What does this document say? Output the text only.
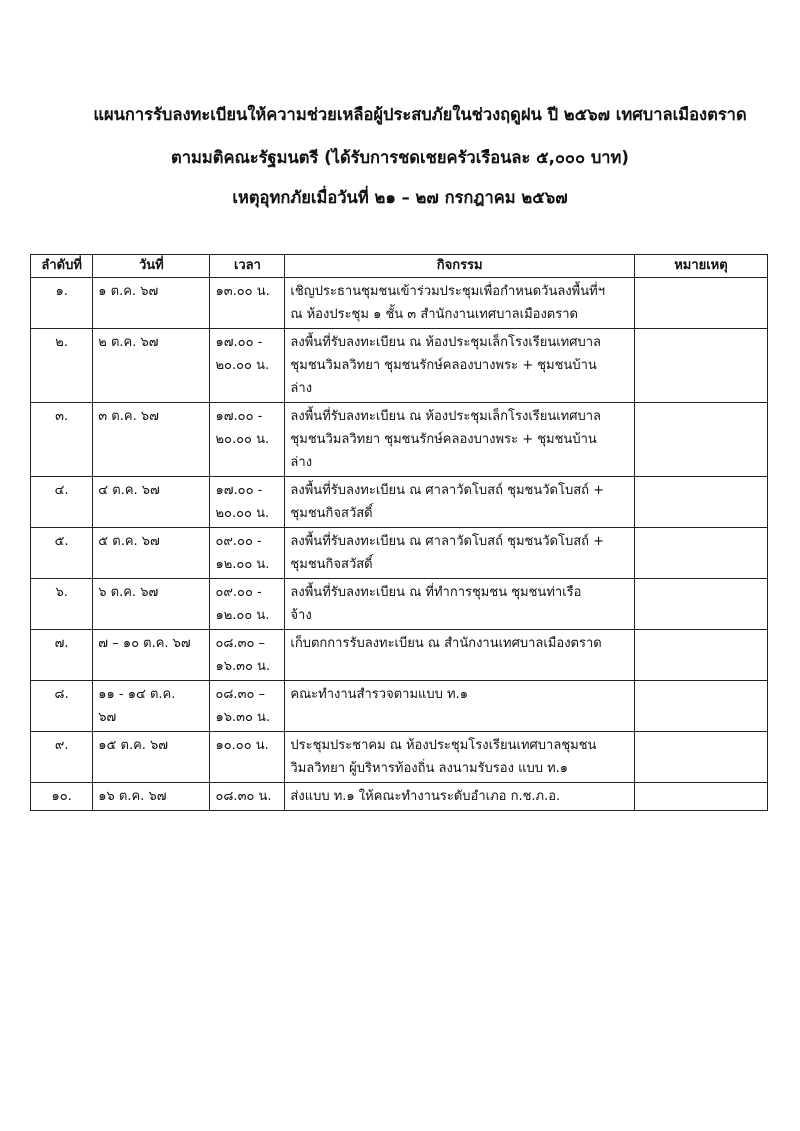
แผนการรับลงทะเบียนให้ความช่วยเหลือผู้ประสบภัยในช่วงฤดูฝน ปี ๒๕๖๗ เทศบาลเมืองตราด
ตามมติคณะรัฐมนตรี (ได้รับการชดเชยครัวเรือนละ ๕,๐๐๐ บาท)
เหตุอุทกภัยเมื่อวันที่ ๒๑ – ๒๗ กรกฎาคม ๒๕๖๗
ลำดับที่	วันที่	เวลา	กิจกรรม	หมายเหตุ
๑.	๑ ต.ค. ๖๗	๑๓.๐๐ น.	เชิญประธานชุมชนเข้าร่วมประชุมเพื่อกำหนดวันลงพื้นที่ฯ
ณ ห้องประชุม ๑ ชั้น ๓ สำนักงานเทศบาลเมืองตราด	

๒.	๒ ต.ค. ๖๗	๑๗.๐๐ -
๒๐.๐๐ น.	ลงพื้นที่รับลงทะเบียน ณ ห้องประชุมเล็กโรงเรียนเทศบาล
ชุมชนวิมลวิทยา ชุมชนรักษ์คลองบางพระ + ชุมชนบ้าน
ล่าง	

๓.	๓ ต.ค. ๖๗	๑๗.๐๐ -
๒๐.๐๐ น.	ลงพื้นที่รับลงทะเบียน ณ ห้องประชุมเล็กโรงเรียนเทศบาล
ชุมชนวิมลวิทยา ชุมชนรักษ์คลองบางพระ + ชุมชนบ้าน
ล่าง	

๔.	๔ ต.ค. ๖๗	๑๗.๐๐ -
๒๐.๐๐ น.	ลงพื้นที่รับลงทะเบียน ณ ศาลาวัดโบสถ์ ชุมชนวัดโบสถ์ +
ชุมชนกิจสวัสดิ์	

๕.	๕ ต.ค. ๖๗	๐๙.๐๐ -
๑๒.๐๐ น.	ลงพื้นที่รับลงทะเบียน ณ ศาลาวัดโบสถ์ ชุมชนวัดโบสถ์ +
ชุมชนกิจสวัสดิ์	

๖.	๖ ต.ค. ๖๗	๐๙.๐๐ -
๑๒.๐๐ น.	ลงพื้นที่รับลงทะเบียน ณ ที่ทำการชุมชน ชุมชนท่าเรือ
จ้าง	

๗.	๗ – ๑๐ ต.ค. ๖๗	๐๘.๓๐ –
๑๖.๓๐ น.	เก็บตกการรับลงทะเบียน ณ สำนักงานเทศบาลเมืองตราด	

๘.	๑๑ - ๑๔ ต.ค.
๖๗	๐๘.๓๐ –
๑๖.๓๐ น.	คณะทำงานสำรวจตามแบบ ท.๑	

๙.	๑๕ ต.ค. ๖๗	๑๐.๐๐ น.	ประชุมประชาคม ณ ห้องประชุมโรงเรียนเทศบาลชุมชน
วิมลวิทยา ผู้บริหารท้องถิ่น ลงนามรับรอง แบบ ท.๑	

๑๐.	๑๖ ต.ค. ๖๗	๐๘.๓๐ น.	ส่งแบบ ท.๑ ให้คณะทำงานระดับอำเภอ ก.ช.ภ.อ.	
